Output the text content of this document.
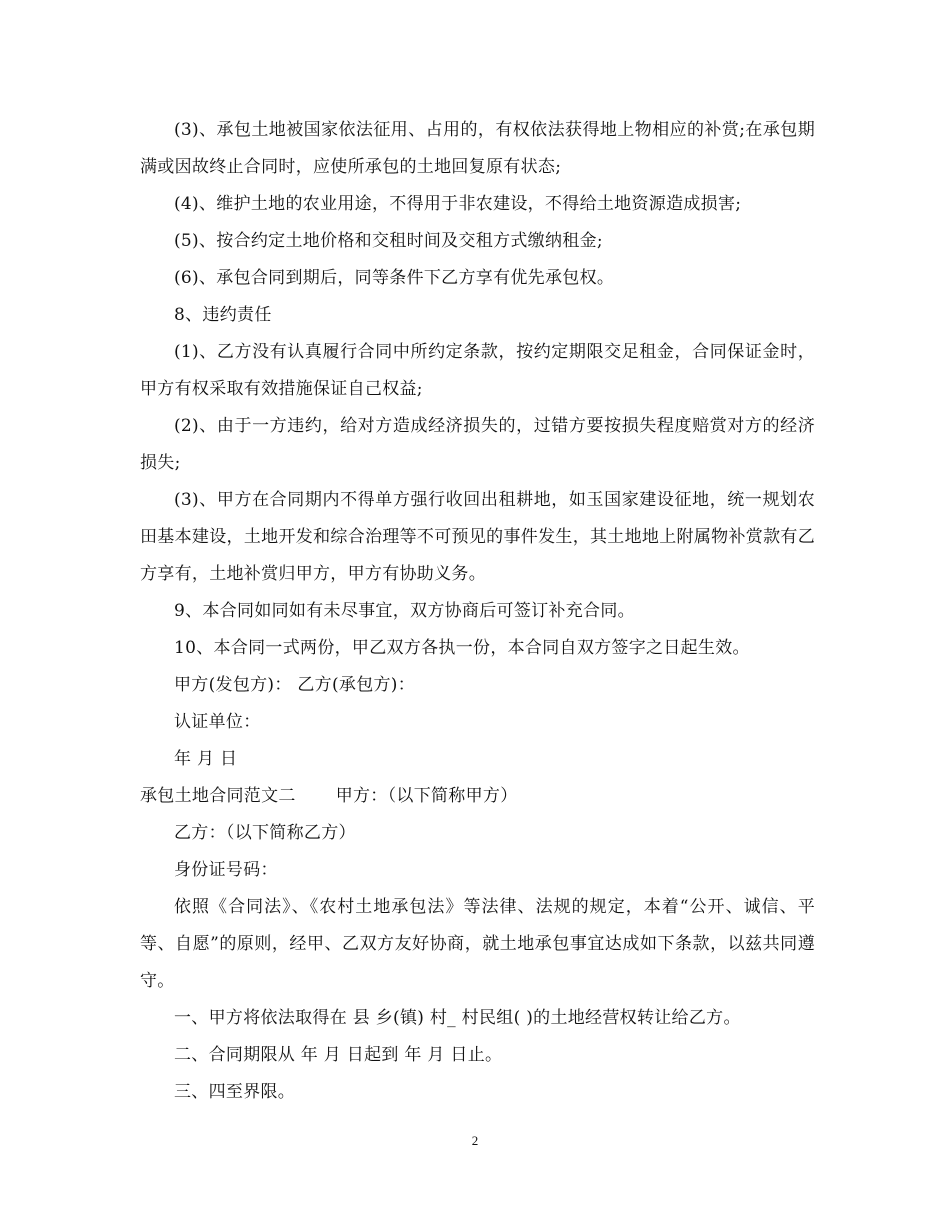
(3)、承包土地被国家依法征用、占用的，有权依法获得地上物相应的补赏;在承包期满或因故终止合同时，应使所承包的土地回复原有状态;

(4)、维护土地的农业用途，不得用于非农建设，不得给土地资源造成损害;

(5)、按合约定土地价格和交租时间及交租方式缴纳租金;

(6)、承包合同到期后，同等条件下乙方享有优先承包权。

8、违约责任

(1)、乙方没有认真履行合同中所约定条款，按约定期限交足租金，合同保证金时，甲方有权采取有效措施保证自己权益;

(2)、由于一方违约，给对方造成经济损失的，过错方要按损失程度赔赏对方的经济损失;

(3)、甲方在合同期内不得单方强行收回出租耕地，如玉国家建设征地，统一规划农田基本建设，土地开发和综合治理等不可预见的事件发生，其土地地上附属物补赏款有乙方享有，土地补赏归甲方，甲方有协助义务。

9、本合同如同如有未尽事宜，双方协商后可签订补充合同。

10、本合同一式两份，甲乙双方各执一份，本合同自双方签字之日起生效。

甲方(发包方)： 乙方(承包方)：

认证单位：

年 月 日

承包土地合同范文二 甲方：（以下简称甲方）

乙方：（以下简称乙方）

身份证号码：

依照《合同法》、《农村土地承包法》等法律、法规的规定，本着“公开、诚信、平等、自愿”的原则，经甲、乙双方友好协商，就土地承包事宜达成如下条款，以兹共同遵守。

一、甲方将依法取得在 县 乡(镇) 村_ 村民组( )的土地经营权转让给乙方。

二、合同期限从 年 月 日起到 年 月 日止。

三、四至界限。

2
